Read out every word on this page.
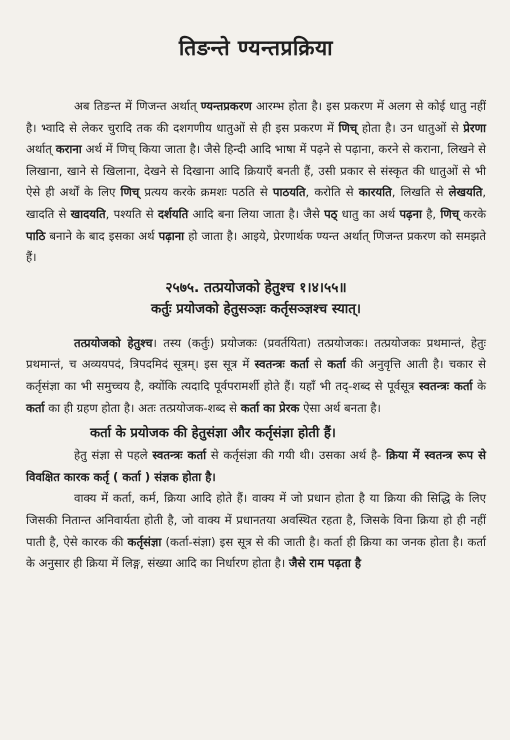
तिङन्ते ण्यन्तप्रक्रिया

अब तिङन्त में णिजन्त अर्थात् ण्यन्तप्रकरण आरम्भ होता है। इस प्रकरण में अलग से कोई धातु नहीं है। भ्वादि से लेकर चुरादि तक की दशगणीय धातुओं से ही इस प्रकरण में णिच् होता है। उन धातुओं से प्रेरणा अर्थात् कराना अर्थ में णिच् किया जाता है। जैसे हिन्दी आदि भाषा में पढ़ने से पढ़ाना, करने से कराना, लिखने से लिखाना, खाने से खिलाना, देखने से दिखाना आदि क्रियाएँ बनती हैं, उसी प्रकार से संस्कृत की धातुओं से भी ऐसे ही अर्थों के लिए णिच् प्रत्यय करके क्रमशः पठति से पाठयति, करोति से कारयति, लिखति से लेखयति, खादति से खादयति, पश्यति से दर्शयति आदि बना लिया जाता है। जैसे पठ् धातु का अर्थ पढ़ना है, णिच् करके पाठि बनाने के बाद इसका अर्थ पढ़ाना हो जाता है। आइये, प्रेरणार्थक ण्यन्त अर्थात् णिजन्त प्रकरण को समझते हैं।

२५७५. तत्प्रयोजको हेतुश्च १।४।५५॥
कर्तुः प्रयोजको हेतुसञ्ज्ञः कर्तृसञ्ज्ञश्च स्यात्।

तत्प्रयोजको हेतुश्च। तस्य (कर्तुः) प्रयोजकः (प्रवर्तयिता) तत्प्रयोजकः। तत्प्रयोजकः प्रथमान्तं, हेतुः प्रथमान्तं, च अव्ययपदं, त्रिपदमिदं सूत्रम्। इस सूत्र में स्वतन्त्रः कर्ता से कर्ता की अनुवृत्ति आती है। चकार से कर्तृसंज्ञा का भी समुच्चय है, क्योंकि त्यदादि पूर्वपरामर्शी होते हैं। यहाँ भी तद्-शब्द से पूर्वसूत्र स्वतन्त्रः कर्ता के कर्ता का ही ग्रहण होता है। अतः तत्प्रयोजक-शब्द से कर्ता का प्रेरक ऐसा अर्थ बनता है।

कर्ता के प्रयोजक की हेतुसंज्ञा और कर्तृसंज्ञा होती हैं।

हेतु संज्ञा से पहले स्वतन्त्रः कर्ता से कर्तृसंज्ञा की गयी थी। उसका अर्थ है- क्रिया में स्वतन्त्र रूप से विवक्षित कारक कर्तृ ( कर्ता ) संज्ञक होता है।

वाक्य में कर्ता, कर्म, क्रिया आदि होते हैं। वाक्य में जो प्रधान होता है या क्रिया की सिद्धि के लिए जिसकी नितान्त अनिवार्यता होती है, जो वाक्य में प्रधानतया अवस्थित रहता है, जिसके विना क्रिया हो ही नहीं पाती है, ऐसे कारक की कर्तृसंज्ञा (कर्ता-संज्ञा) इस सूत्र से की जाती है। कर्ता ही क्रिया का जनक होता है। कर्ता के अनुसार ही क्रिया में लिङ्ग, संख्या आदि का निर्धारण होता है। जैसे राम पढ़ता है
